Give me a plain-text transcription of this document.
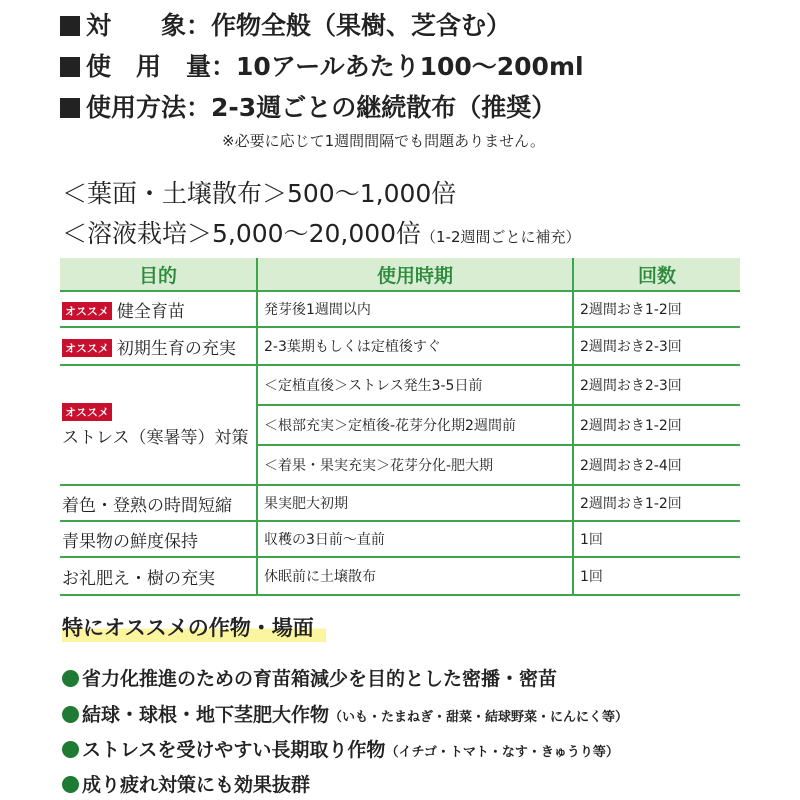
対　　象：作物全般（果樹、芝含む）
使　用　量：10アールあたり100〜200ml
使用方法：2-3週ごとの継続散布（推奨）
※必要に応じて1週間間隔でも問題ありません。
＜葉面・土壌散布＞500〜1,000倍
＜溶液栽培＞5,000〜20,000倍（1-2週間ごとに補充）
目的	使用時期	回数
オススメ 健全育苗	発芽後1週間以内	2週間おき1-2回
オススメ 初期生育の充実	2-3葉期もしくは定植後すぐ	2週間おき2-3回
オススメ
ストレス（寒暑等）対策	＜定植直後＞ストレス発生3-5日前	2週間おき2-3回
	＜根部充実＞定植後-花芽分化期2週間前	2週間おき1-2回
	＜着果・果実充実＞花芽分化-肥大期	2週間おき2-4回
着色・登熟の時間短縮	果実肥大初期	2週間おき1-2回
青果物の鮮度保持	収穫の3日前〜直前	1回
お礼肥え・樹の充実	休眠前に土壌散布	1回
特にオススメの作物・場面
省力化推進のための育苗箱減少を目的とした密播・密苗
結球・球根・地下茎肥大作物（いも・たまねぎ・甜菜・結球野菜・にんにく等）
ストレスを受けやすい長期取り作物（イチゴ・トマト・なす・きゅうり等）
成り疲れ対策にも効果抜群
